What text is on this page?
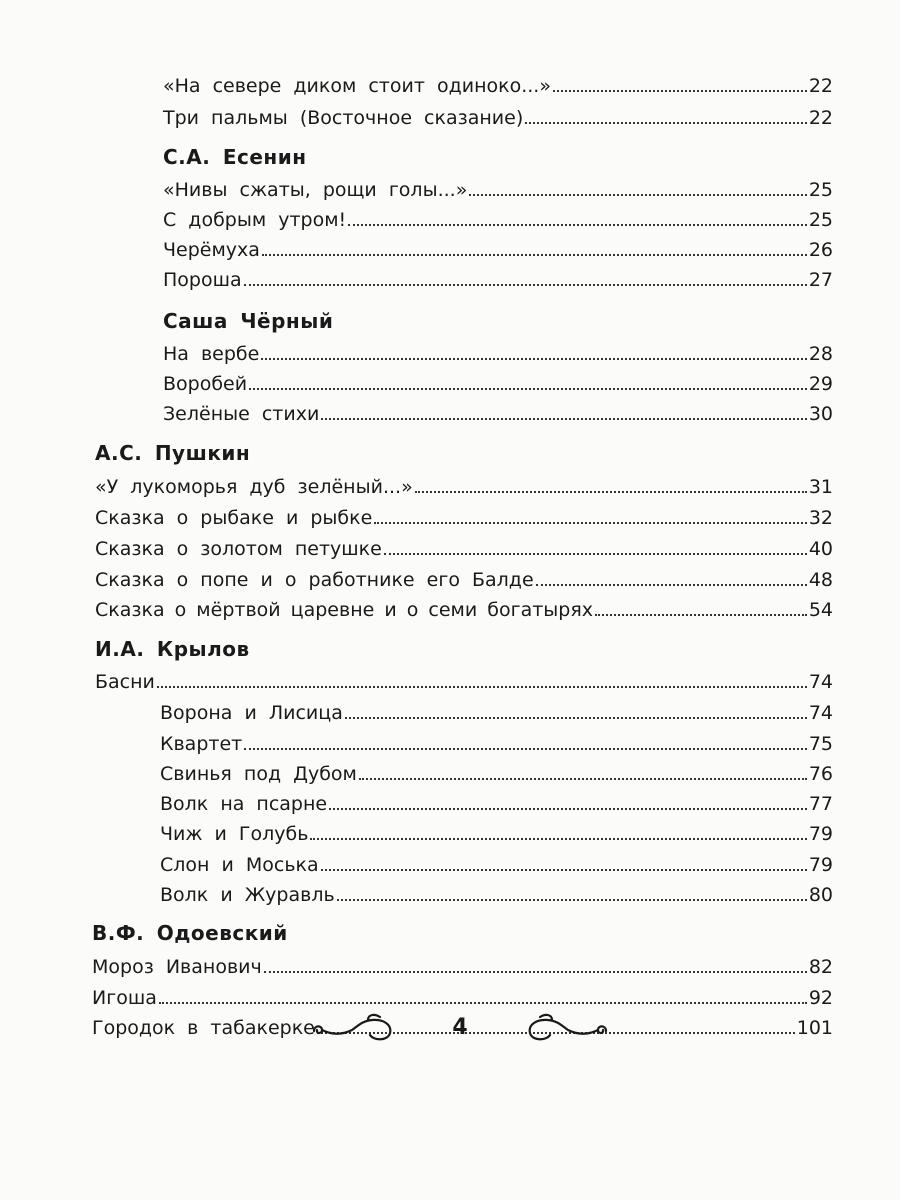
«На севере диком стоит одиноко...»	22
Три пальмы (Восточное сказание)	22
С.А. Есенин
«Нивы сжаты, рощи голы...»	25
С добрым утром!	25
Черёмуха	26
Пороша	27
Саша Чёрный
На вербе	28
Воробей	29
Зелёные стихи	30
А.С. Пушкин
«У лукоморья дуб зелёный...»	31
Сказка о рыбаке и рыбке	32
Сказка о золотом петушке	40
Сказка о попе и о работнике его Балде	48
Сказка о мёртвой царевне и о семи богатырях	54
И.А. Крылов
Басни	74
Ворона и Лисица	74
Квартет	75
Свинья под Дубом	76
Волк на псарне	77
Чиж и Голубь	79
Слон и Моська	79
Волк и Журавль	80
В.Ф. Одоевский
Мороз Иванович	82
Игоша	92
Городок в табакерке	101
4
